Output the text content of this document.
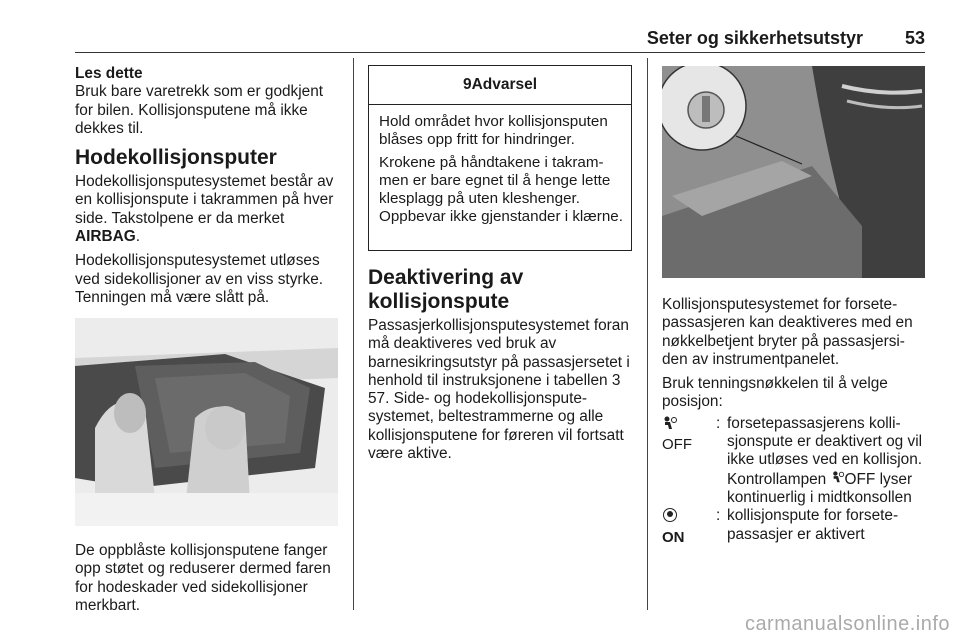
Seter og sikkerhetsutstyr 53

Les dette

Bruk bare varetrekk som er godkjent for bilen. Kollisjonsputene må ikke dekkes til.

Hodekollisjonsputer

Hodekollisjonsputesystemet består av en kollisjonspute i takrammen på hver side. Takstolpene er da merket AIRBAG.

Hodekollisjonsputesystemet utløses ved sidekollisjoner av en viss styrke. Tenningen må være slått på.

De oppblåste kollisjonsputene fanger opp støtet og reduserer dermed faren for hodeskader ved sidekollisjoner merkbart.

9 Advarsel

Hold området hvor kollisjonsputen blåses opp fritt for hindringer.

Krokene på håndtakene i takram-men er bare egnet til å henge lette klesplagg på uten kleshenger. Oppbevar ikke gjenstander i klærne.

Deaktivering av kollisjonspute

Passasjerkollisjonsputesystemet foran må deaktiveres ved bruk av barnesikringsutstyr på passasjersetet i henhold til instruksjonene i tabellen 3 57. Side- og hodekollisjonspute-systemet, beltestrammerne og alle kollisjonsputene for føreren vil fortsatt være aktive.

Kollisjonsputesystemet for forsete-passasjeren kan deaktiveres med en nøkkelbetjent bryter på passasjersi-den av instrumentpanelet.

Bruk tenningsnøkkelen til å velge posisjon:

OFF
: forsetepassasjerens kolli-sjonspute er deaktivert og vil ikke utløses ved en kollisjon. Kontrollampen OFF lyser kontinuerlig i midtkonsollen

ON
: kollisjonspute for forsete-passasjer er aktivert
carmanualsonline.info
